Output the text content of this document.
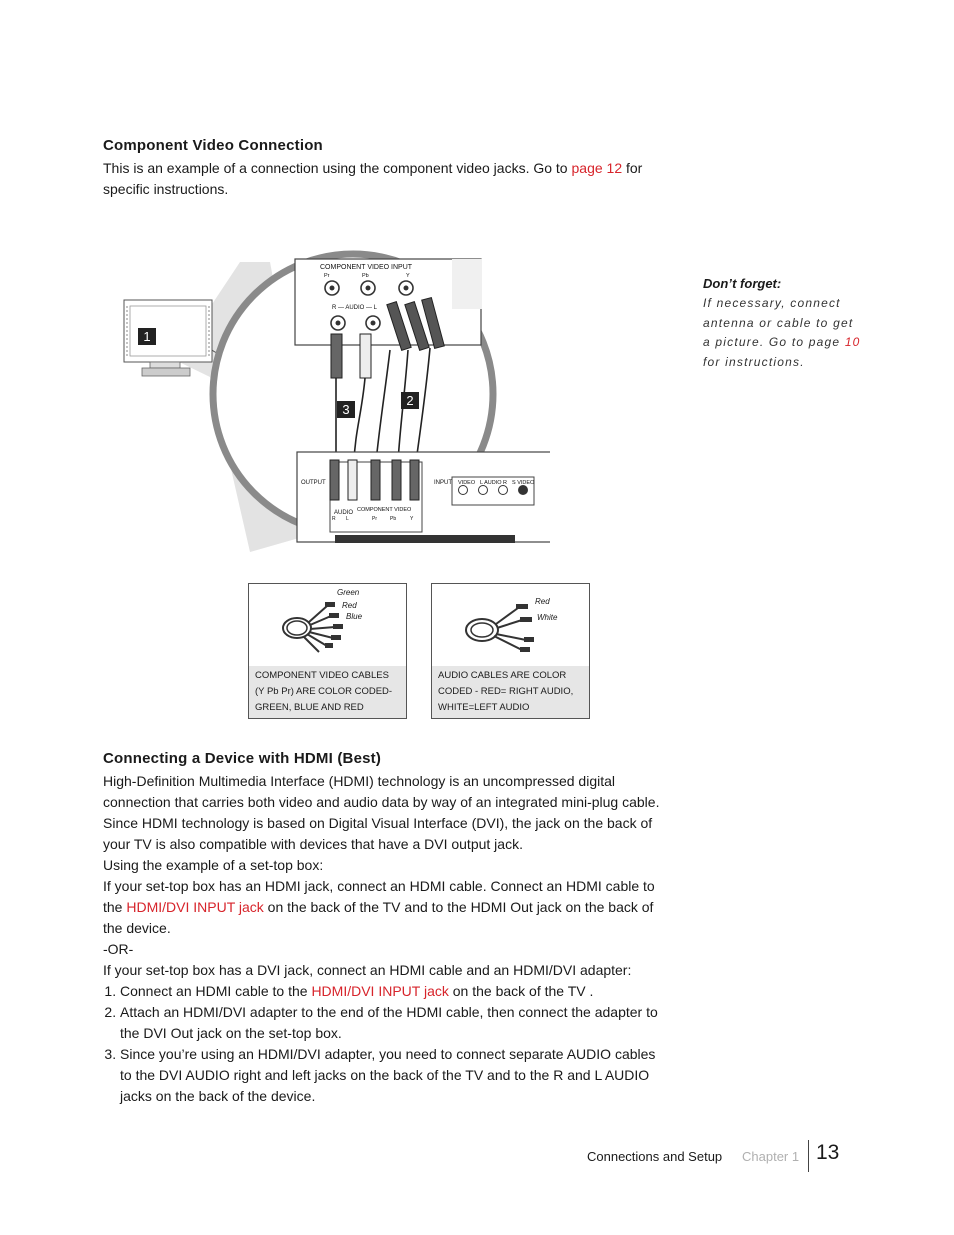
Component Video Connection

This is an example of a connection using the component video jacks. Go to page 12 for specific instructions.

Don’t forget:

If necessary, connect antenna or cable to get a picture. Go to page 10 for instructions.

COMPONENT VIDEO INPUT
Pr	Pb	Y
R — AUDIO — L
OUTPUT
AUDIO COMPONENT VIDEO
R L	Pr	Pb	Y
INPUT VIDEO L AUDIO R S VIDEO
1
2
3
Green
Red
Blue
COMPONENT VIDEO CABLES
(Y Pb Pr) ARE COLOR CODED-
GREEN, BLUE AND RED
Red
White
AUDIO CABLES ARE COLOR
CODED - RED= RIGHT AUDIO,
WHITE=LEFT AUDIO
Connecting a Device with HDMI (Best)

High-Definition Multimedia Interface (HDMI) technology is an uncompressed digital connection that carries both video and audio data by way of an integrated mini-plug cable. Since HDMI technology is based on Digital Visual Interface (DVI), the jack on the back of your TV is also compatible with devices that have a DVI output jack.

Using the example of a set-top box:

If your set-top box has an HDMI jack, connect an HDMI cable. Connect an HDMI cable to

the HDMI/DVI INPUT jack on the back of the TV and to the HDMI Out jack on the back of the device.

-OR-

If your set-top box has a DVI jack, connect an HDMI cable and an HDMI/DVI adapter:

1. Connect an HDMI cable to the HDMI/DVI INPUT jack on the back of the TV .
2. Attach an HDMI/DVI adapter to the end of the HDMI cable, then connect the adapter to the DVI Out jack on the set-top box.
3. Since you’re using an HDMI/DVI adapter, you need to connect separate AUDIO cables to the DVI AUDIO right and left jacks on the back of the TV and to the R and L AUDIO jacks on the back of the device.
Connections and Setup Chapter 1 13
